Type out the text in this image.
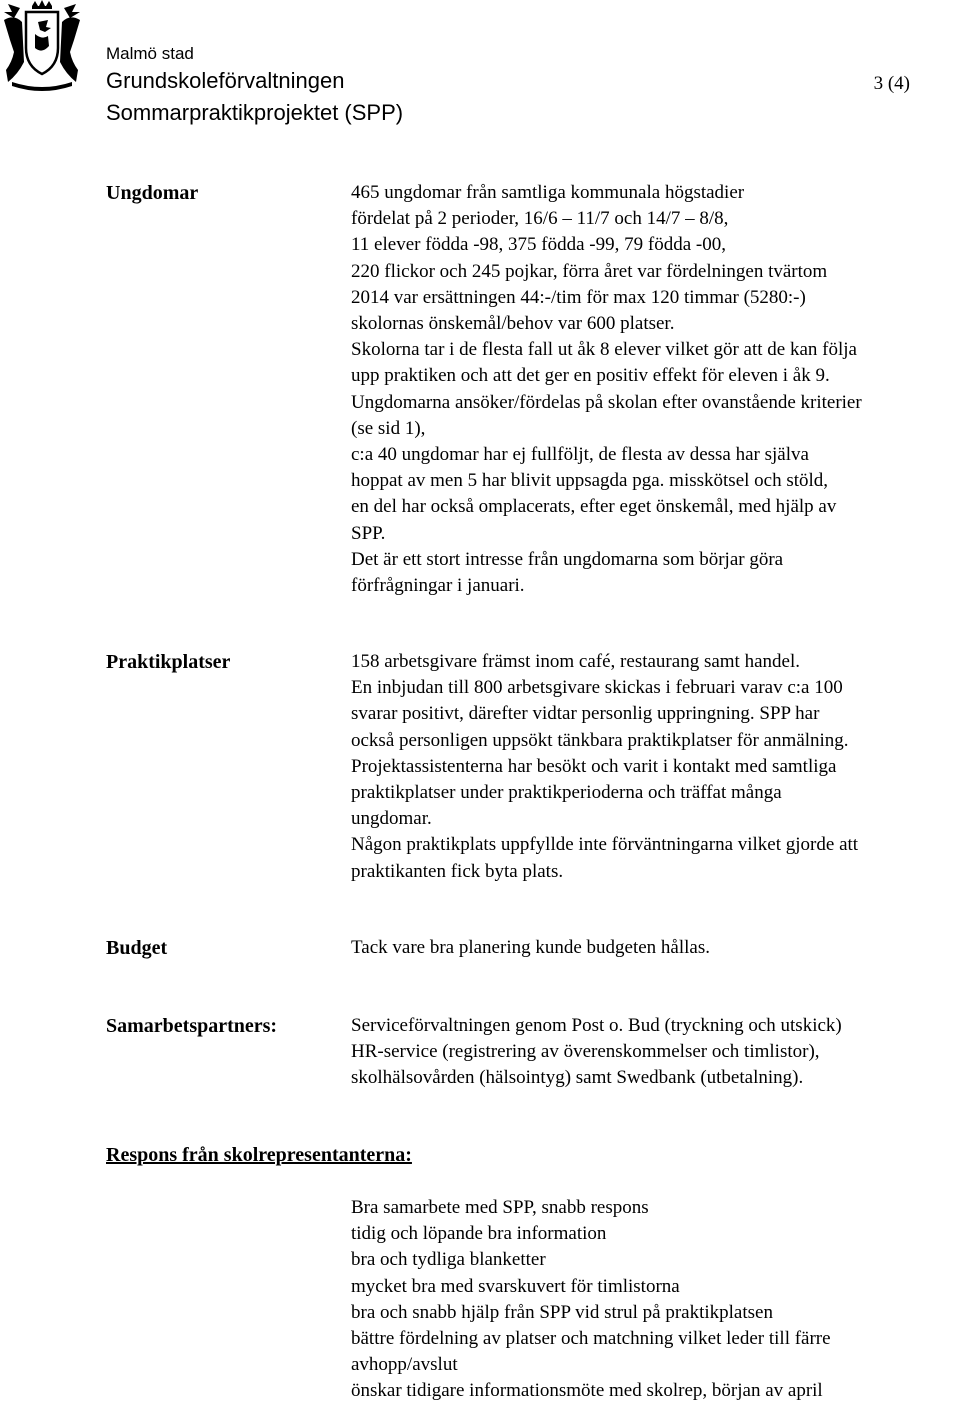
Malmö stad
Grundskoleförvaltningen
Sommarpraktikprojektet (SPP)
3 (4)
Ungdomar	465 ungdomar från samtliga kommunala högstadier
fördelat på 2 perioder, 16/6 – 11/7 och 14/7 – 8/8,
11 elever födda -98, 375 födda -99, 79 födda -00,
220 flickor och 245 pojkar, förra året var fördelningen tvärtom
2014 var ersättningen 44:-/tim för max 120 timmar (5280:-)
skolornas önskemål/behov var 600 platser.
Skolorna tar i de flesta fall ut åk 8 elever vilket gör att de kan följa
upp praktiken och att det ger en positiv effekt för eleven i åk 9.
Ungdomarna ansöker/fördelas på skolan efter ovanstående kriterier
(se sid 1),
c:a 40 ungdomar har ej fullföljt, de flesta av dessa har själva
hoppat av men 5 har blivit uppsagda pga. misskötsel och stöld,
en del har också omplacerats, efter eget önskemål, med hjälp av
SPP.
Det är ett stort intresse från ungdomarna som börjar göra
förfrågningar i januari.
Praktikplatser	158 arbetsgivare främst inom café, restaurang samt handel.
En inbjudan till 800 arbetsgivare skickas i februari varav c:a 100
svarar positivt, därefter vidtar personlig uppringning. SPP har
också personligen uppsökt tänkbara praktikplatser för anmälning.
Projektassistenterna har besökt och varit i kontakt med samtliga
praktikplatser under praktikperioderna och träffat många
ungdomar.
Någon praktikplats uppfyllde inte förväntningarna vilket gjorde att
praktikanten fick byta plats.
Budget	Tack vare bra planering kunde budgeten hållas.
Samarbetspartners:	Serviceförvaltningen genom Post o. Bud (tryckning och utskick)
HR-service (registrering av överenskommelser och timlistor),
skolhälsovården (hälsointyg) samt Swedbank (utbetalning).
Respons från skolrepresentanterna:
Bra samarbete med SPP, snabb respons
tidig och löpande bra information
bra och tydliga blanketter
mycket bra med svarskuvert för timlistorna
bra och snabb hjälp från SPP vid strul på praktikplatsen
bättre fördelning av platser och matchning vilket leder till färre
avhopp/avslut
önskar tidigare informationsmöte med skolrep, början av april
